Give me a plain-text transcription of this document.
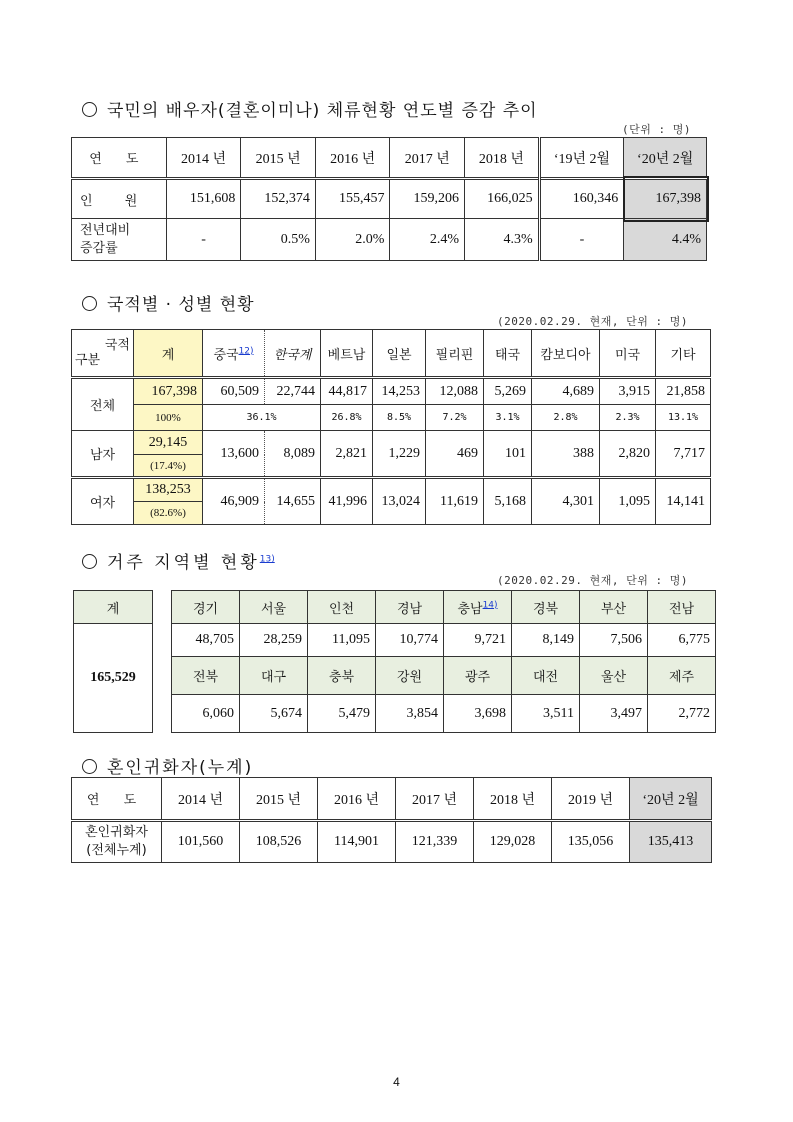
국민의 배우자(결혼이미나) 체류현황 연도별 증감 추이
(단위 : 명)
연 도	2014 년	2015 년	2016 년	2017 년	2018 년	‘19년 2월	‘20년 2월
인 원	151,608	152,374	155,457	159,206	166,025	160,346	167,398
전년대비
증감률	-	0.5%	2.0%	2.4%	4.3%	-	4.4%
국적별 · 성별 현황
(2020.02.29. 현재, 단위 : 명)
국적
구분	계	중국$^{12)}$	한국계	베트남	일본	필리핀	태국	캄보디아	미국	기타
전체	167,398	60,509	22,744	44,817	14,253	12,088	5,269	4,689	3,915	21,858
	100%	36.1%		26.8%	8.5%	7.2%	3.1%	2.8%	2.3%	13.1%
남자	29,145	13,600	8,089	2,821	1,229	469	101	388	2,820	7,717
	(17.4%)									
여자	138,253	46,909	14,655	41,996	13,024	11,619	5,168	4,301	1,095	14,141
	(82.6%)									
거주 지역별 현황$^{13)}$
(2020.02.29. 현재, 단위 : 명)
계
165,529
경기	서울	인천	경남	충남$^{14)}$	경북	부산	전남
48,705	28,259	11,095	10,774	9,721	8,149	7,506	6,775
전북	대구	충북	강원	광주	대전	울산	제주
6,060	5,674	5,479	3,854	3,698	3,511	3,497	2,772
혼인귀화자(누계)
연 도	2014 년	2015 년	2016 년	2017 년	2018 년	2019 년	‘20년 2월

혼인귀화자
(전체누계)	101,560	108,526	114,901	121,339	129,028	135,056	135,413
4
